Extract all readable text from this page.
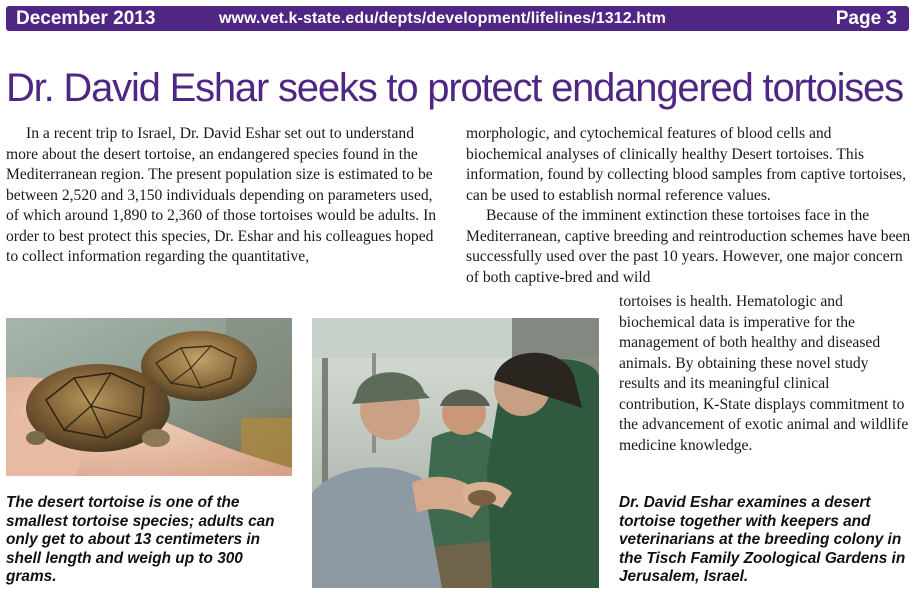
December 2013	www.vet.k-state.edu/depts/development/lifelines/1312.htm	Page 3
Dr. David Eshar seeks to protect endangered tortoises

In a recent trip to Israel, Dr. David Eshar set out to understand more about the desert tortoise, an endangered species found in the Mediterranean region. The present population size is estimated to be between 2,520 and 3,150 individuals depending on parameters used, of which around 1,890 to 2,360 of those tortoises would be adults. In order to best protect this species, Dr. Eshar and his colleagues hoped to collect information regarding the quantitative,

morphologic, and cytochemical features of blood cells and biochemical analyses of clinically healthy Desert tortoises. This information, found by collecting blood samples from captive tortoises, can be used to establish normal reference values.

Because of the imminent extinction these tortoises face in the Mediterranean, captive breeding and reintroduction schemes have been successfully used over the past 10 years. However, one major concern of both captive-bred and wild

tortoises is health. Hematologic and biochemical data is imperative for the management of both healthy and diseased animals. By obtaining these novel study results and its meaningful clinical contribution, K-State displays commitment to the advancement of exotic animal and wildlife medicine knowledge.

The desert tortoise is one of the smallest tortoise species; adults can only get to about 13 centimeters in shell length and weigh up to 300 grams.

Dr. David Eshar examines a desert tortoise together with keepers and veterinarians at the breeding colony in the Tisch Family Zoological Gardens in Jerusalem, Israel.
